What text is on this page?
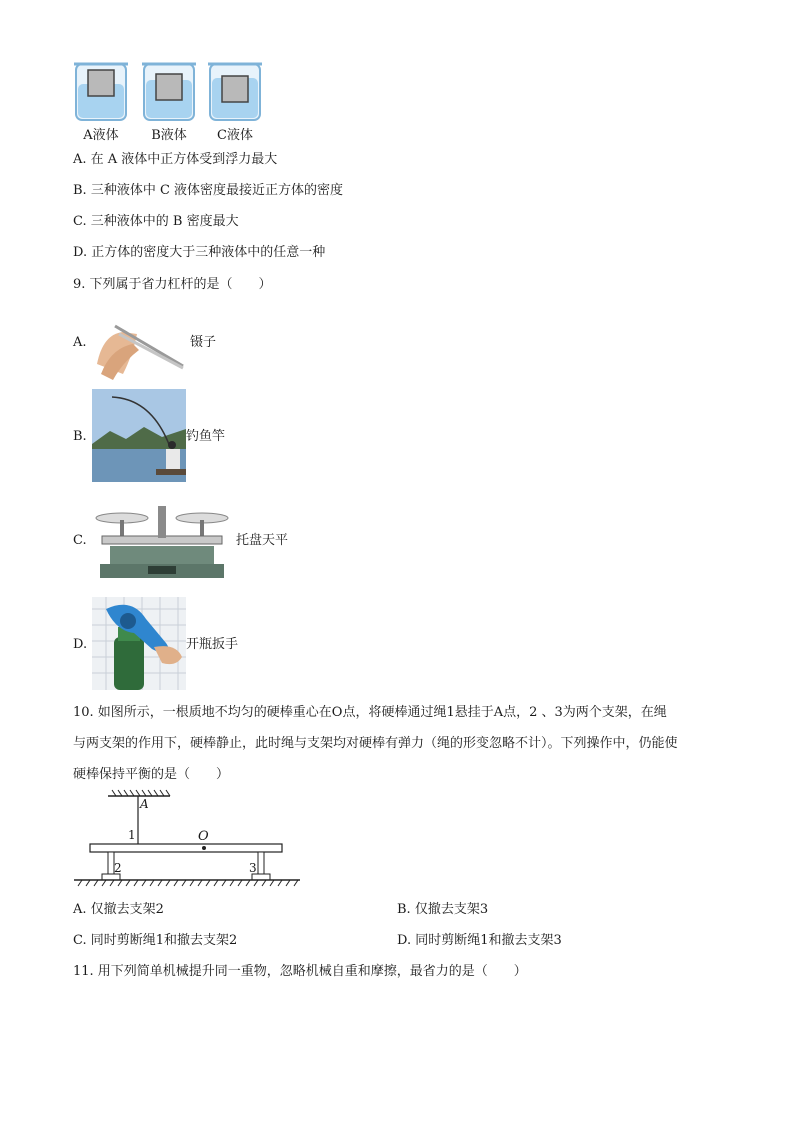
A液体	B液体	C液体
A. 在 A 液体中正方体受到浮力最大
B. 三种液体中 C 液体密度最接近正方体的密度
C. 三种液体中的 B 密度最大
D. 正方体的密度大于三种液体中的任意一种
9. 下列属于省力杠杆的是（　　）
A.	镊子
B.	钓鱼竿
C.	托盘天平
D.	开瓶扳手
10. 如图所示，一根质地不均匀的硬棒重心在O点，将硬棒通过绳1悬挂于A点，2 、3为两个支架，在绳
与两支架的作用下，硬棒静止，此时绳与支架均对硬棒有弹力（绳的形变忽略不计）。下列操作中，仍能使
硬棒保持平衡的是（　　）
A
1	O
2	3
A. 仅撤去支架2	B. 仅撤去支架3
C. 同时剪断绳1和撤去支架2	D. 同时剪断绳1和撤去支架3
11. 用下列简单机械提升同一重物，忽略机械自重和摩擦，最省力的是（　　）
